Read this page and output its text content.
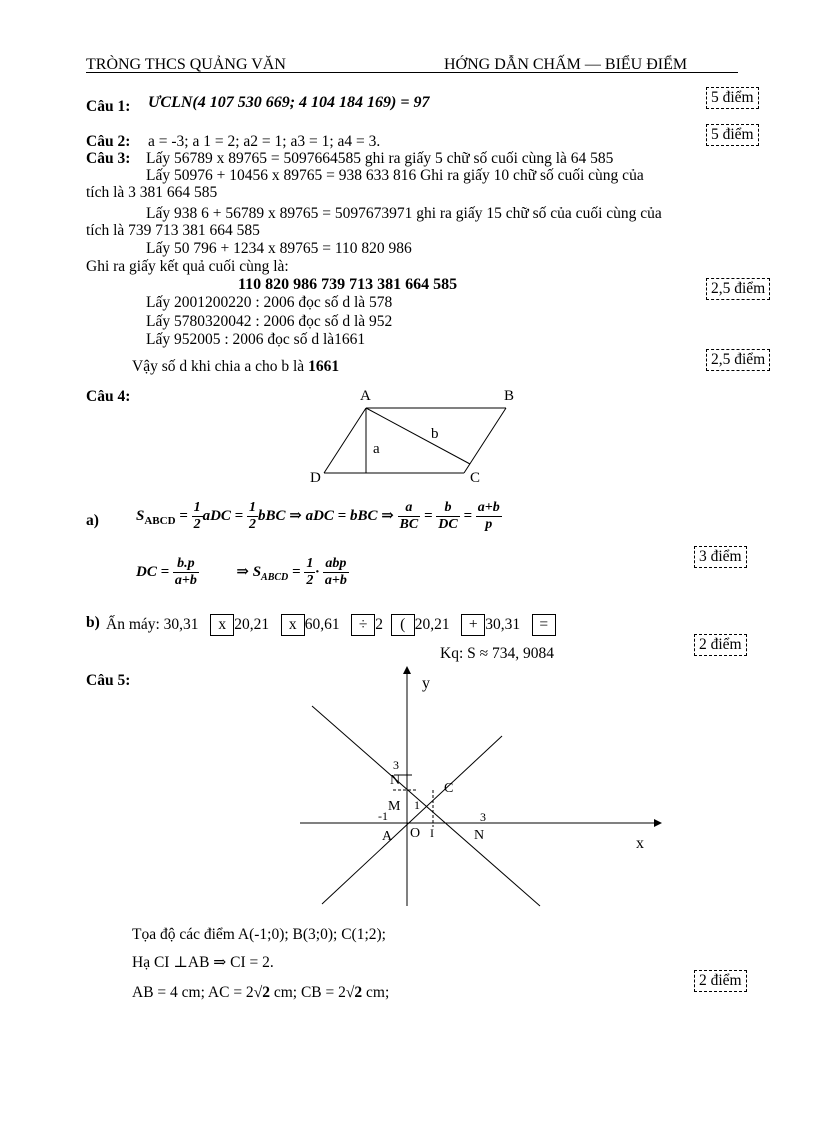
TRÒNG THCS QUẢNG VĂN	HỚNG DẪN CHẤM — BIỂU ĐIỂM
Câu 1: ƯCLN(4 107 530 669; 4 104 184 169) = 97	5 điểm
Câu 2: a = -3; a 1 = 2; a2 = 1; a3 = 1; a4 = 3.	5 điểm
Câu 3: Lấy 56789 x 89765 = 5097664585 ghi ra giấy 5 chữ số cuối cùng là 64 585
Lấy 50976 + 10456 x 89765 = 938 633 816 Ghi ra giấy 10 chữ số cuối cùng của
tích là 3 381 664 585
Lấy 938 6 + 56789 x 89765 = 5097673971 ghi ra giấy 15 chữ số của cuối cùng của
tích là 739 713 381 664 585
Lấy 50 796 + 1234 x 89765 = 110 820 986
Ghi ra giấy kết quả cuối cùng là:
110 820 986 739 713 381 664 585	2,5 điểm
Lấy 2001200220 : 2006 đọc số d là 578
Lấy 5780320042 : 2006 đọc số d là 952
Lấy 952005 : 2006 đọc số d là1661
Vậy số d khi chia a cho b là 1661	2,5 điểm
Câu 4:	A	B
C
D
a
b
a) $S_{ABCD} = \frac{1}{2}$ aDC = $\frac{1}{2}$ bBC ⇒ aDC = bBC ⇒ $\frac{a}{BC} = \frac{b}{DC} = \frac{a+b}{p}$
DC = $\frac{b.p}{a+b}$	⇒ $S_{ABCD} = \frac{1}{2} \cdot \frac{\text{abp}}{a+b}$	3 điểm
b) Ấn máy: 30,31 x 20,21 x 60,61 ÷ 2 ( 20,21 + 30,31 =
Kq: S ≈ 734, 9084
2 điểm
Câu 5:	y
x
N
3
M 1
C
-1
A O I	N
3
Tọa độ các điểm A(-1;0); B(3;0); C(1;2);
Hạ CI ⊥AB ⇒ CI = 2.
AB = 4 cm; AC = 2√2 cm; CB = 2√2 cm;
2 điểm
